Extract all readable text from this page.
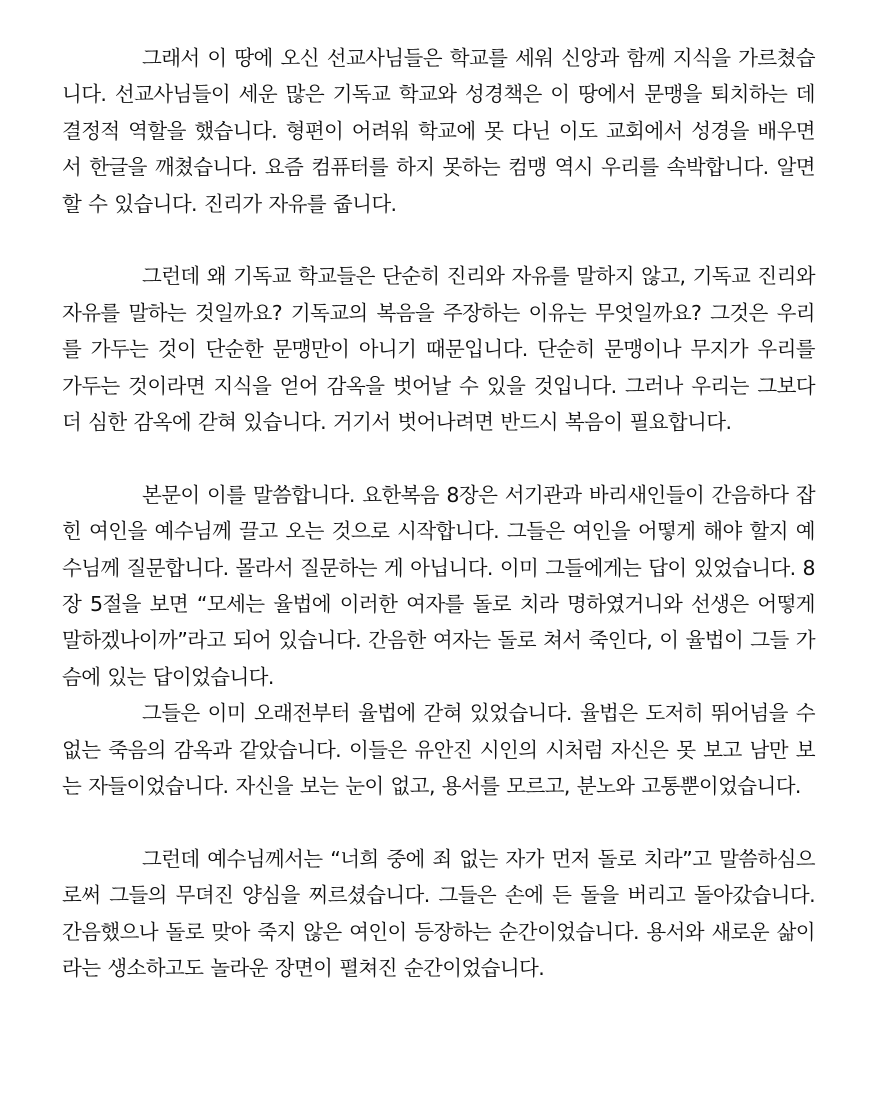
그래서 이 땅에 오신 선교사님들은 학교를 세워 신앙과 함께 지식을 가르쳤습니다. 선교사님들이 세운 많은 기독교 학교와 성경책은 이 땅에서 문맹을 퇴치하는 데 결정적 역할을 했습니다. 형편이 어려워 학교에 못 다닌 이도 교회에서 성경을 배우면서 한글을 깨쳤습니다. 요즘 컴퓨터를 하지 못하는 컴맹 역시 우리를 속박합니다. 알면 할 수 있습니다. 진리가 자유를 줍니다.

그런데 왜 기독교 학교들은 단순히 진리와 자유를 말하지 않고, 기독교 진리와 자유를 말하는 것일까요? 기독교의 복음을 주장하는 이유는 무엇일까요? 그것은 우리를 가두는 것이 단순한 문맹만이 아니기 때문입니다. 단순히 문맹이나 무지가 우리를 가두는 것이라면 지식을 얻어 감옥을 벗어날 수 있을 것입니다. 그러나 우리는 그보다 더 심한 감옥에 갇혀 있습니다. 거기서 벗어나려면 반드시 복음이 필요합니다.

본문이 이를 말씀합니다. 요한복음 8장은 서기관과 바리새인들이 간음하다 잡힌 여인을 예수님께 끌고 오는 것으로 시작합니다. 그들은 여인을 어떻게 해야 할지 예수님께 질문합니다. 몰라서 질문하는 게 아닙니다. 이미 그들에게는 답이 있었습니다. 8장 5절을 보면 “모세는 율법에 이러한 여자를 돌로 치라 명하였거니와 선생은 어떻게 말하겠나이까”라고 되어 있습니다. 간음한 여자는 돌로 쳐서 죽인다, 이 율법이 그들 가슴에 있는 답이었습니다.

그들은 이미 오래전부터 율법에 갇혀 있었습니다. 율법은 도저히 뛰어넘을 수 없는 죽음의 감옥과 같았습니다. 이들은 유안진 시인의 시처럼 자신은 못 보고 남만 보는 자들이었습니다. 자신을 보는 눈이 없고, 용서를 모르고, 분노와 고통뿐이었습니다.

그런데 예수님께서는 “너희 중에 죄 없는 자가 먼저 돌로 치라”고 말씀하심으로써 그들의 무뎌진 양심을 찌르셨습니다. 그들은 손에 든 돌을 버리고 돌아갔습니다. 간음했으나 돌로 맞아 죽지 않은 여인이 등장하는 순간이었습니다. 용서와 새로운 삶이라는 생소하고도 놀라운 장면이 펼쳐진 순간이었습니다.
